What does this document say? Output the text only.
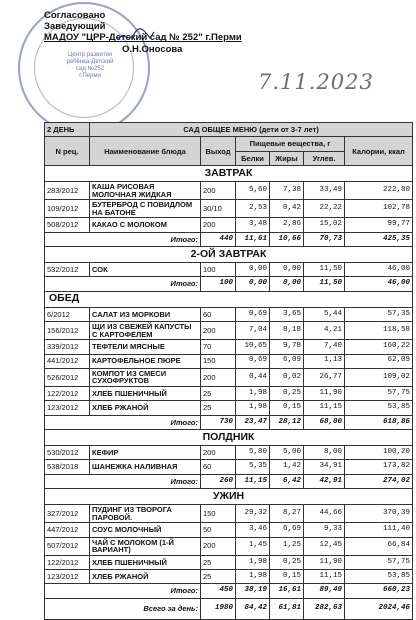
Центр развития
ребёнка-Детский
сад №252
г.Перми
Согласовано
Заведующий
МАДОУ "ЦРР-Детский сад № 252" г.Перми
О.Н.Оносова
7.11.2023
2 ДЕНЬ	САД ОБЩЕЕ МЕНЮ (дети от 3-7 лет)					
N рец.	Наименование блюда	Выход	Пищевые вещества, г			Калории, ккал
			Белки	Жиры	Углев.	
ЗАВТРАК						
283/2012	КАША РИСОВАЯ МОЛОЧНАЯ ЖИДКАЯ	200	5,60	7,38	33,49	222,80
109/2012	БУТЕРБРОД С ПОВИДЛОМ НА БАТОНЕ	30/10	2,53	0,42	22,22	102,78
508/2012	КАКАО С МОЛОКОМ	200	3,48	2,86	15,02	99,77
Итого:		440	11,61	10,66	70,73	425,35
2-ОЙ ЗАВТРАК						
532/2012	СОК	100	0,00	0,00	11,50	46,00
Итого:		100	0,00	0,00	11,50	46,00
ОБЕД						
6/2012	САЛАТ ИЗ МОРКОВИ	60	0,69	3,65	5,44	57,35
156/2012	ЩИ ИЗ СВЕЖЕЙ КАПУСТЫ С КАРТОФЕЛЕМ	200	7,04	8,18	4,21	118,58
339/2012	ТЕФТЕЛИ МЯСНЫЕ	70	10,65	9,78	7,40	160,22
441/2012	КАРТОФЕЛЬНОЕ ПЮРЕ	150	0,69	6,09	1,13	62,09
526/2012	КОМПОТ ИЗ СМЕСИ СУХОФРУКТОВ	200	0,44	0,02	26,77	109,02
122/2012	ХЛЕБ ПШЕНИЧНЫЙ	25	1,98	0,25	11,90	57,75
123/2012	ХЛЕБ РЖАНОЙ	25	1,98	0,15	11,15	53,85
Итого:		730	23,47	28,12	68,00	618,86
ПОЛДНИК						
530/2012	КЕФИР	200	5,80	5,00	8,00	100,20
538/2018	ШАНЕЖКА НАЛИВНАЯ	60	5,35	1,42	34,91	173,82
Итого:		260	11,15	6,42	42,91	274,02
УЖИН						
327/2012	ПУДИНГ ИЗ ТВОРОГА ПАРОВОЙ.	150	29,32	8,27	44,66	370,39
447/2012	СОУС МОЛОЧНЫЙ	50	3,46	6,69	9,33	111,40
507/2012	ЧАЙ С МОЛОКОМ (1-Й ВАРИАНТ)	200	1,45	1,25	12,45	66,84
122/2012	ХЛЕБ ПШЕНИЧНЫЙ	25	1,98	0,25	11,90	57,75
123/2012	ХЛЕБ РЖАНОЙ	25	1,98	0,15	11,15	53,85
Итого:		450	38,19	16,61	89,49	660,23
Всего за день:		1980	84,42	61,81	282,63	2024,46
